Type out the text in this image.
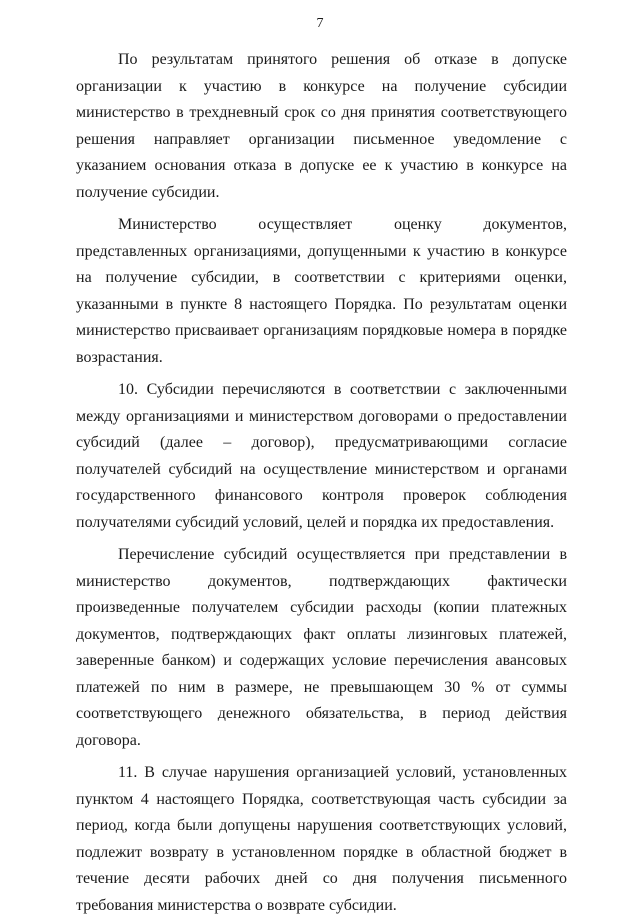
7

По результатам принятого решения об отказе в допуске организации к участию в конкурсе на получение субсидии министерство в трехдневный срок со дня принятия соответствующего решения направляет организации письменное уведомление с указанием основания отказа в допуске ее к участию в конкурсе на получение субсидии.

Министерство осуществляет оценку документов, представленных организациями, допущенными к участию в конкурсе на получение субсидии, в соответствии с критериями оценки, указанными в пункте 8 настоящего Порядка. По результатам оценки министерство присваивает организациям порядковые номера в порядке возрастания.

10. Субсидии перечисляются в соответствии с заключенными между организациями и министерством договорами о предоставлении субсидий (далее – договор), предусматривающими согласие получателей субсидий на осуществление министерством и органами государственного финансового контроля проверок соблюдения получателями субсидий условий, целей и порядка их предоставления.

Перечисление субсидий осуществляется при представлении в министерство документов, подтверждающих фактически произведенные получателем субсидии расходы (копии платежных документов, подтверждающих факт оплаты лизинговых платежей, заверенные банком) и содержащих условие перечисления авансовых платежей по ним в размере, не превышающем 30 % от суммы соответствующего денежного обязательства, в период действия договора.

11. В случае нарушения организацией условий, установленных пунктом 4 настоящего Порядка, соответствующая часть субсидии за период, когда были допущены нарушения соответствующих условий, подлежит возврату в установленном порядке в областной бюджет в течение десяти рабочих дней со дня получения письменного требования министерства о возврате субсидии.
